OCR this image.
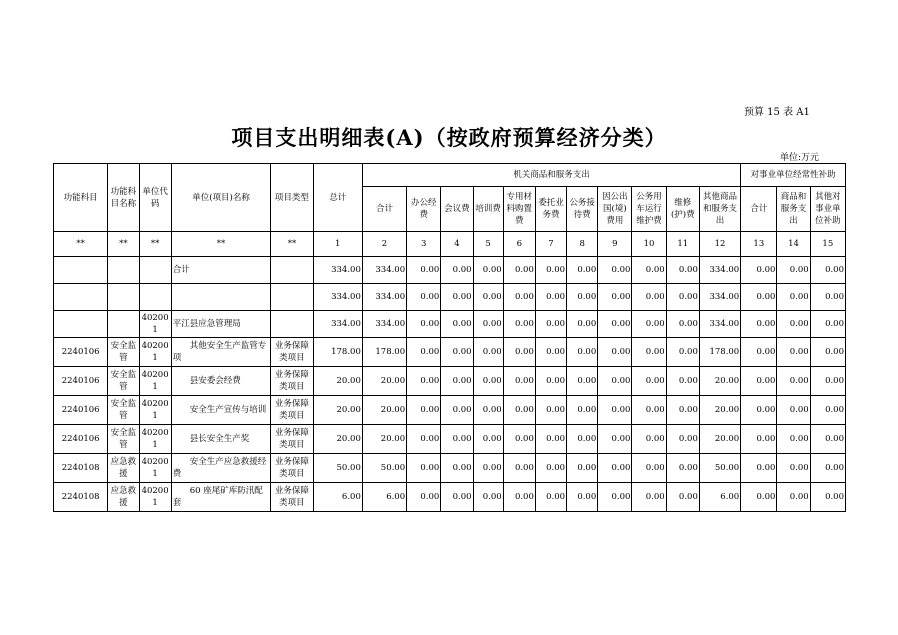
预算 15 表 A1
项目支出明细表(A)（按政府预算经济分类）
单位:万元
功能科目	功能科目名称	单位代码	单位(项目)名称	项目类型	总计	机关商品和服务支出											对事业单位经常性补助		
						合计	办公经费	会议费	培训费	专用材料购置费	委托业务费	公务接待费	因公出国(境)费用	公务用车运行维护费	维修(护)费	其他商品和服务支出	合计	商品和服务支出	其他对事业单位补助
**	**	**	**	**	1	2	3	4	5	6	7	8	9	10	11	12	13	14	15
			合计		334.00	334.00	0.00	0.00	0.00	0.00	0.00	0.00	0.00	0.00	0.00	334.00	0.00	0.00	0.00
					334.00	334.00	0.00	0.00	0.00	0.00	0.00	0.00	0.00	0.00	0.00	334.00	0.00	0.00	0.00
		402001	平江县应急管理局		334.00	334.00	0.00	0.00	0.00	0.00	0.00	0.00	0.00	0.00	0.00	334.00	0.00	0.00	0.00
2240106	安全监管	402001	其他安全生产监管专项	业务保障类项目	178.00	178.00	0.00	0.00	0.00	0.00	0.00	0.00	0.00	0.00	0.00	178.00	0.00	0.00	0.00
2240106	安全监管	402001	县安委会经费	业务保障类项目	20.00	20.00	0.00	0.00	0.00	0.00	0.00	0.00	0.00	0.00	0.00	20.00	0.00	0.00	0.00
2240106	安全监管	402001	安全生产宣传与培训	业务保障类项目	20.00	20.00	0.00	0.00	0.00	0.00	0.00	0.00	0.00	0.00	0.00	20.00	0.00	0.00	0.00
2240106	安全监管	402001	县长安全生产奖	业务保障类项目	20.00	20.00	0.00	0.00	0.00	0.00	0.00	0.00	0.00	0.00	0.00	20.00	0.00	0.00	0.00
2240108	应急救援	402001	安全生产应急救援经费	业务保障类项目	50.00	50.00	0.00	0.00	0.00	0.00	0.00	0.00	0.00	0.00	0.00	50.00	0.00	0.00	0.00
2240108	应急救援	402001	60 座尾矿库防汛配套	业务保障类项目	6.00	6.00	0.00	0.00	0.00	0.00	0.00	0.00	0.00	0.00	0.00	6.00	0.00	0.00	0.00
